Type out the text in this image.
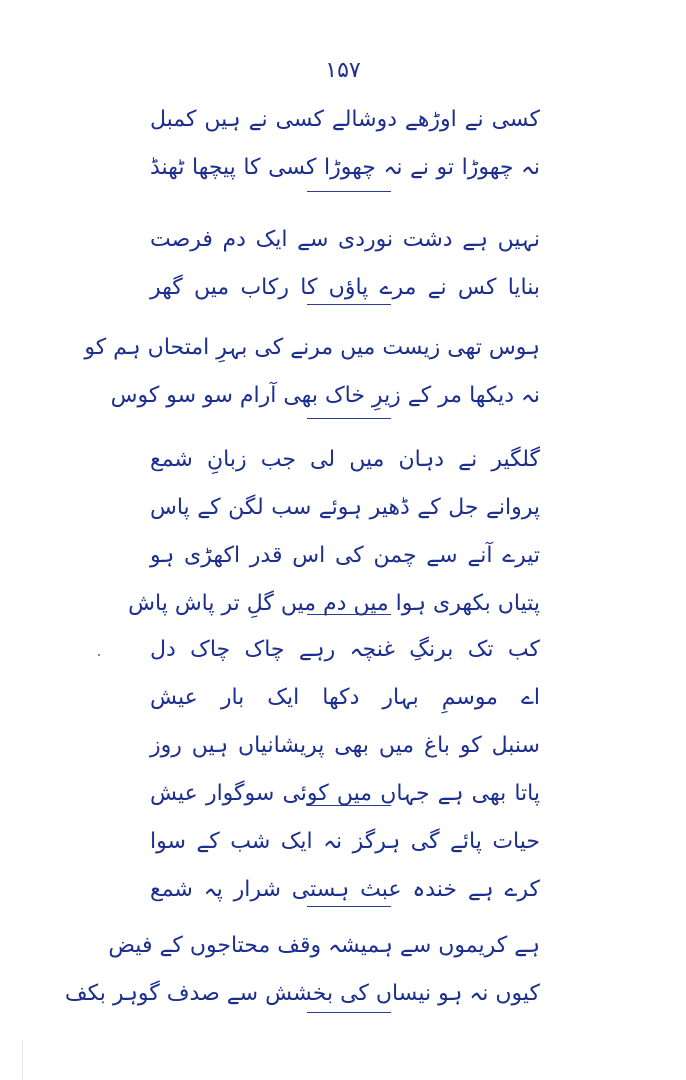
۱۵۷
کسی نے اوڑھے دوشالے کسی نے ہیں کمبل
نہ چھوڑا تو نے نہ چھوڑا کسی کا پیچھا ٹھنڈ
نہیں ہے دشت نوردی سے ایک دم فرصت
بنایا کس نے مرے پاؤں کا رکاب میں گھر
ہوس تھی زیست میں مرنے کی بہرِ امتحاں ہم کو
نہ دیکھا مر کے زیرِ خاک بھی آرام سو سو کوس
گلگیر نے دہان میں لی جب زبانِ شمع
پروانے جل کے ڈھیر ہوئے سب لگن کے پاس
تیرے آنے سے چمن کی اس قدر اکھڑی ہو
پتیاں بکھری ہوا میں دم میں گلِ تر پاش پاش
کب تک برنگِ غنچہ رہے چاک چاک دل
اے موسمِ بہار دکھا ایک بار عیش
سنبل کو باغ میں بھی پریشانیاں ہیں روز
پاتا بھی ہے جہاں میں کوئی سوگوار عیش
حیات پائے گی ہرگز نہ ایک شب کے سوا
کرے ہے خندہ عبث ہستی شرار پہ شمع
ہے کریموں سے ہمیشہ وقف محتاجوں کے فیض
کیوں نہ ہو نیساں کی بخشش سے صدف گوہر بکف
